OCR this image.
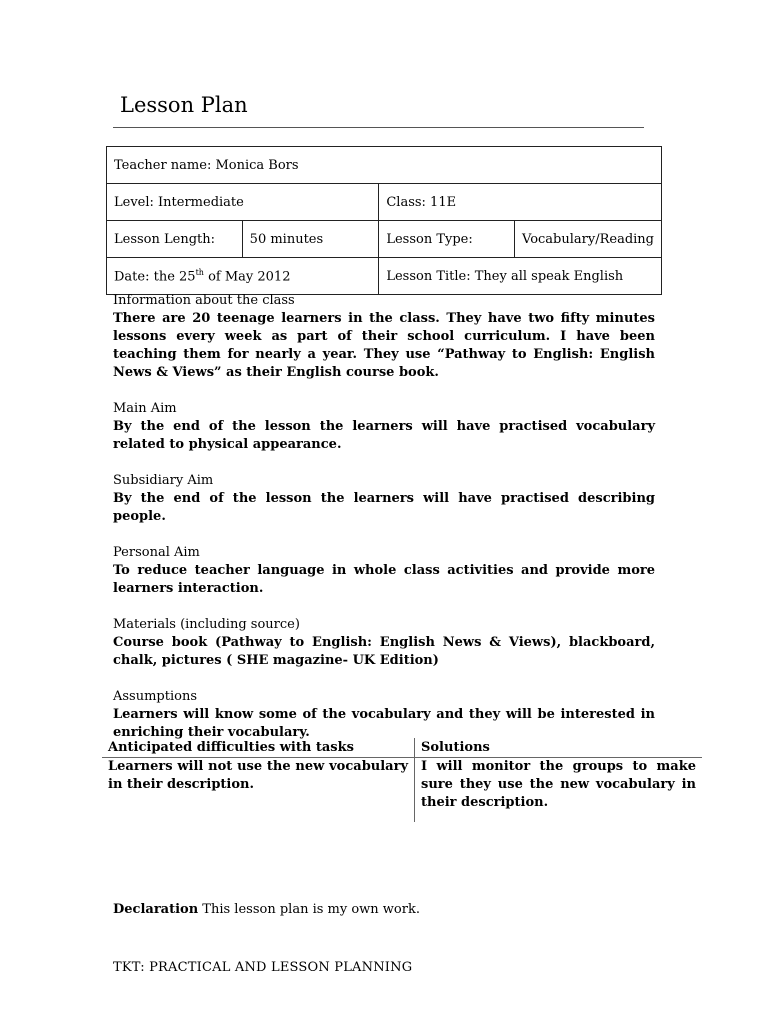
Lesson Plan
Teacher name: Monica Bors			
Level: Intermediate		Class: 11E	
Lesson Length:	50 minutes	Lesson Type:	Vocabulary/Reading
Date: the 25th of May 2012		Lesson Title: They all speak English	
Information about the class
There are 20 teenage learners in the class. They have two fifty minutes lessons every week as part of their school curriculum. I have been teaching them for nearly a year. They use “Pathway to English: English News & Views” as their English course book.
Main Aim
By the end of the lesson the learners will have practised vocabulary related to physical appearance.
Subsidiary Aim
By the end of the lesson the learners will have practised describing people.
Personal Aim
To reduce teacher language in whole class activities and provide more learners interaction.
Materials (including source)
Course book (Pathway to English: English News & Views), blackboard, chalk, pictures ( SHE magazine- UK Edition)
Assumptions
Learners will know some of the vocabulary and they will be interested in enriching their vocabulary.
Anticipated difficulties with tasks	Solutions
Learners will not use the new vocabulary in their description.	I will monitor the groups to make sure they use the new vocabulary in their description.
Declaration This lesson plan is my own work.
TKT: PRACTICAL AND LESSON PLANNING
